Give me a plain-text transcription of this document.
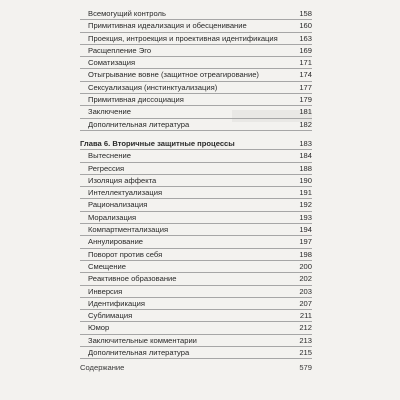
Всемогущий контроль	158
Примитивная идеализация и обесценивание	160
Проекция, интроекция и проективная идентификация	163
Расщепление Эго	169
Соматизация	171
Отыгрывание вовне (защитное отреагирование)	174
Сексуализация (инстинктуализация)	177
Примитивная диссоциация	179
Заключение	181
Дополнительная литература	182
Глава 6. Вторичные защитные процессы	183
Вытеснение	184
Регрессия	188
Изоляция аффекта	190
Интеллектуализация	191
Рационализация	192
Морализация	193
Компартментализация	194
Аннулирование	197
Поворот против себя	198
Смещение	200
Реактивное образование	202
Инверсия	203
Идентификация	207
Сублимация	211
Юмор	212
Заключительные комментарии	213
Дополнительная литература	215
Содержание	579
